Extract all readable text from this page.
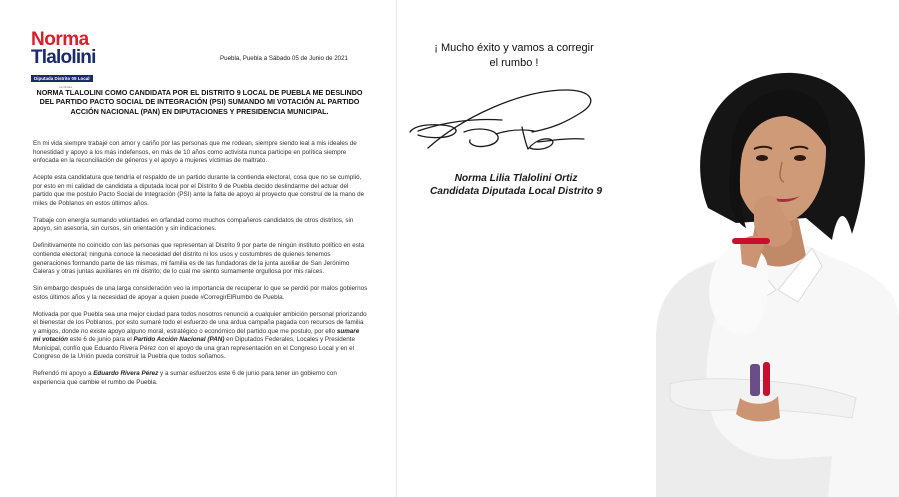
Norma
Tlalolini
Diputada Distrito 09 Local
candidata
Puebla, Puebla a Sábado 05 de Junio de 2021
NORMA TLALOLINI COMO CANDIDATA POR EL DISTRITO 9 LOCAL DE PUEBLA ME DESLINDO DEL PARTIDO PACTO SOCIAL DE INTEGRACIÓN (PSI) SUMANDO MI VOTACIÓN AL PARTIDO ACCIÓN NACIONAL (PAN) EN DIPUTACIONES Y PRESIDENCIA MUNICIPAL.

En mi vida siempre trabajé con amor y cariño por las personas que me rodean, siempre siendo leal a mis ideales de honestidad y apoyo a los más indefensos, en más de 10 años como activista nunca participe en política siempre enfocada en la reconciliación de géneros y el apoyo a mujeres víctimas de maltrato.

Acepte esta candidatura que tendría el respaldo de un partido durante la contienda electoral, cosa que no se cumplió, por esto en mi calidad de candidata a diputada local por el Distrito 9 de Puebla decido deslindarme del actuar del partido que me postulo Pacto Social de Integración (PSI) ante la falta de apoyo al proyecto que construí de la mano de miles de Poblanos en estos últimos años.

Trabaje con energía sumando voluntades en orfandad como muchos compañeros candidatos de otros distritos, sin apoyo, sin asesoría, sin cursos, sin orientación y sin indicaciones.

Definitivamente no coincido con las personas que representan al Distrito 9 por parte de ningún instituto político en esta contienda electoral; ninguna conoce la necesidad del distrito ni los usos y costumbres de quienes tenemos generaciones formando parte de las mismas, mi familia es de las fundadoras de la junta auxiliar de San Jerónimo Caleras y otras juntas auxiliares en mi distrito; de lo cual me siento sumamente orgullosa por mis raíces.

Sin embargo después de una larga consideración veo la importancia de recuperar lo que se perdió por malos gobiernos estos últimos años y la necesidad de apoyar a quien puede #CorregirElRumbo de Puebla.

Motivada por que Puebla sea una mejor ciudad para todos nosotros renunció a cualquier ambición personal priorizando el bienestar de los Poblanos, por esto sumaré todo el esfuerzo de una ardua campaña pagada con recursos de familia y amigos, donde no existe apoyo alguno moral, estratégico o económico del partido que me postulo, por ello sumare mi votación este 6 de junio para el Partido Acción Nacional (PAN) en Diputados Federales, Locales y Presidente Municipal, confío que Eduardo Rivera Pérez con el apoyo de una gran representación en el Congreso Local y en el Congreso de la Unión pueda construir la Puebla que todos soñamos.

Refrendó mi apoyo a Eduardo Rivera Pérez y a sumar esfuerzos este 6 de junio para tener un gobierno con experiencia que cambie el rumbo de Puebla.

¡ Mucho éxito y vamos a corregir el rumbo !
Norma Lilia Tlalolini Ortiz
Candidata Diputada Local Distrito 9
